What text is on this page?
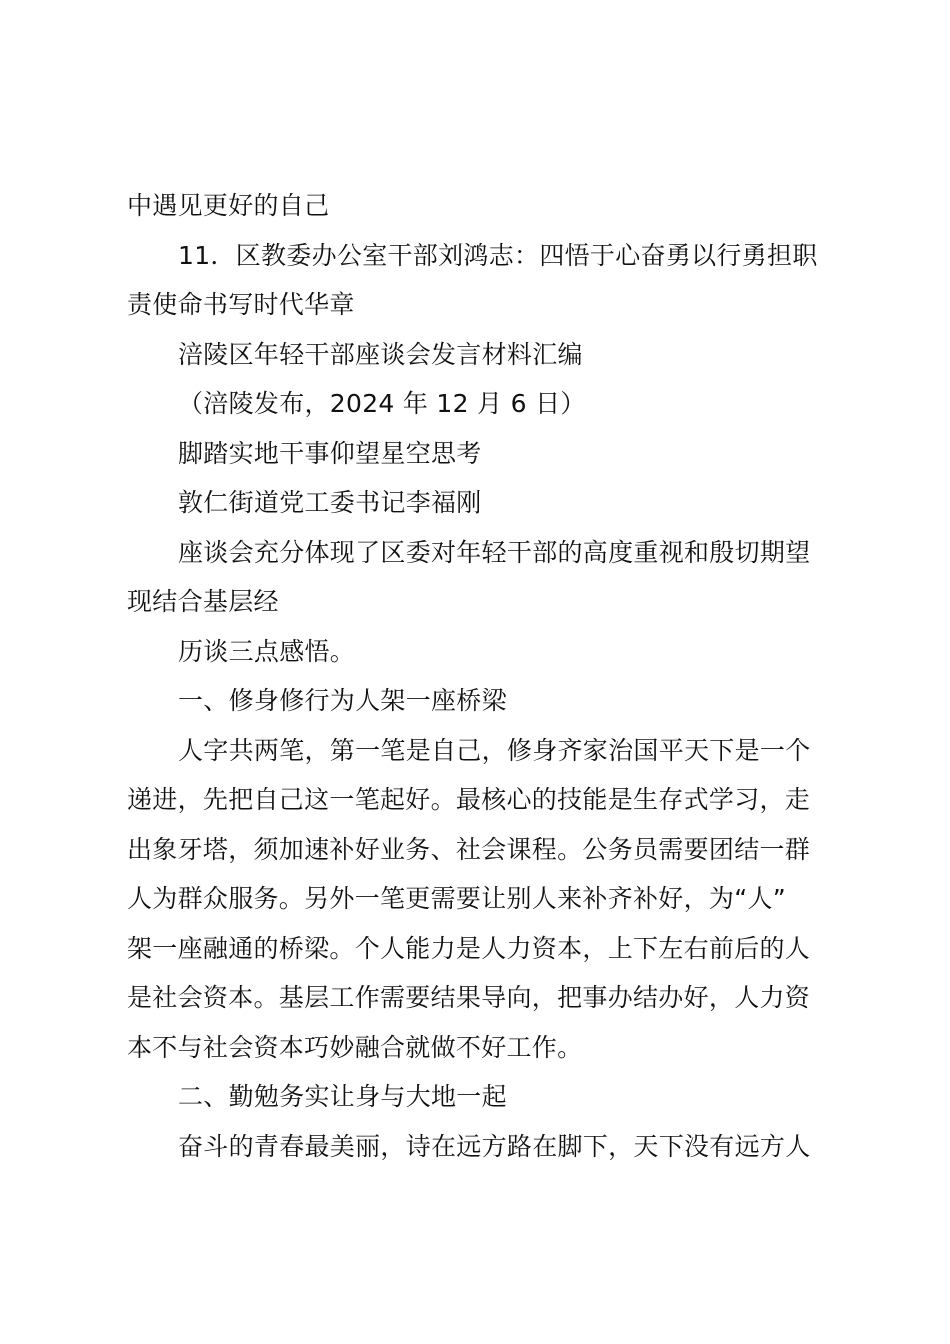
中遇见更好的自己
11．区教委办公室干部刘鸿志：四悟于心奋勇以行勇担职
责使命书写时代华章
涪陵区年轻干部座谈会发言材料汇编
（涪陵发布，2024 年 12 月 6 日）
脚踏实地干事仰望星空思考
敦仁街道党工委书记李福刚
座谈会充分体现了区委对年轻干部的高度重视和殷切期望
现结合基层经
历谈三点感悟。
一、修身修行为人架一座桥梁
人字共两笔，第一笔是自己，修身齐家治国平天下是一个
递进，先把自己这一笔起好。最核心的技能是生存式学习，走
出象牙塔，须加速补好业务、社会课程。公务员需要团结一群
人为群众服务。另外一笔更需要让别人来补齐补好，为“人”
架一座融通的桥梁。个人能力是人力资本，上下左右前后的人
是社会资本。基层工作需要结果导向，把事办结办好，人力资
本不与社会资本巧妙融合就做不好工作。
二、勤勉务实让身与大地一起
奋斗的青春最美丽，诗在远方路在脚下，天下没有远方人
